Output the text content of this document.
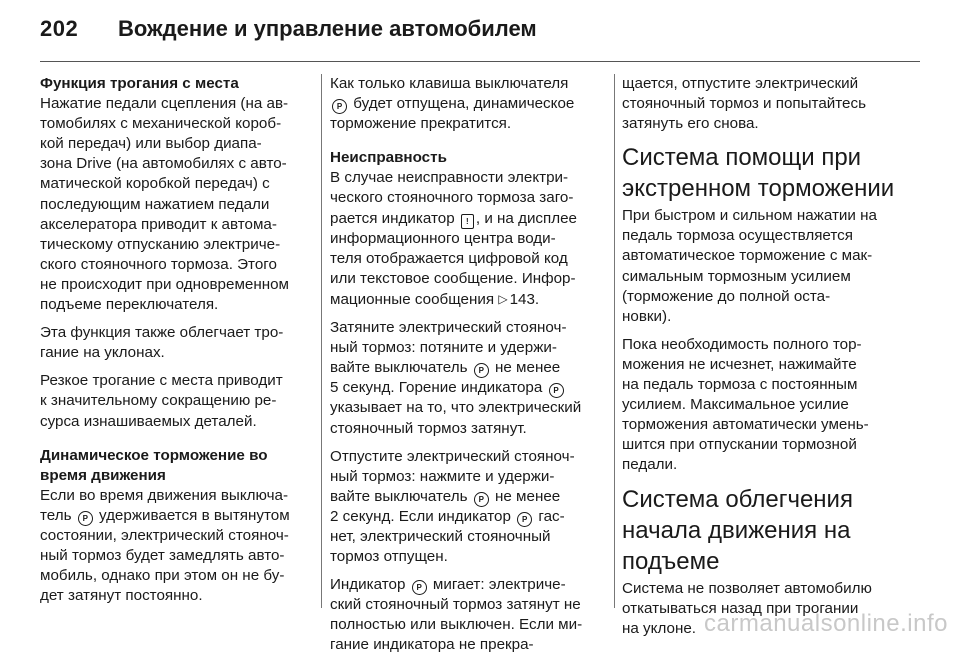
202 Вождение и управление автомобилем
Функция трогания с места
Нажатие педали сцепления (на ав-
томобилях с механической короб-
кой передач) или выбор диапа-
зона Drive (на автомобилях с авто-
матической коробкой передач) с
последующим нажатием педали
акселератора приводит к автома-
тическому отпусканию электриче-
ского стояночного тормоза. Этого
не происходит при одновременном
подъеме переключателя.
Эта функция также облегчает тро-
гание на уклонах.
Резкое трогание с места приводит
к значительному сокращению ре-
сурса изнашиваемых деталей.
Динамическое торможение во
время движения
Если во время движения выключа-
тель P удерживается в вытянутом
состоянии, электрический стояноч-
ный тормоз будет замедлять авто-
мобиль, однако при этом он не бу-
дет затянут постоянно.
Как только клавиша выключателя
P будет отпущена, динамическое
торможение прекратится.
Неисправность
В случае неисправности электри-
ческого стояночного тормоза заго-
рается индикатор ! , и на дисплее
информационного центра води-
теля отображается цифровой код
или текстовое сообщение. Инфор-
мационные сообщения ▷ 143.
Затяните электрический стояноч-
ный тормоз: потяните и удержи-
вайте выключатель P не менее
5 секунд. Горение индикатора P
указывает на то, что электрический
стояночный тормоз затянут.
Отпустите электрический стояноч-
ный тормоз: нажмите и удержи-
вайте выключатель P не менее
2 секунд. Если индикатор P гас-
нет, электрический стояночный
тормоз отпущен.
Индикатор P мигает: электриче-
ский стояночный тормоз затянут не
полностью или выключен. Если ми-
гание индикатора не прекра-
щается, отпустите электрический
стояночный тормоз и попытайтесь
затянуть его снова.
Система помощи при
экстренном торможении
При быстром и сильном нажатии на
педаль тормоза осуществляется
автоматическое торможение с мак-
симальным тормозным усилием
(торможение до полной оста-
новки).
Пока необходимость полного тор-
можения не исчезнет, нажимайте
на педаль тормоза с постоянным
усилием. Максимальное усилие
торможения автоматически умень-
шится при отпускании тормозной
педали.
Система облегчения
начала движения на
подъеме
Система не позволяет автомобилю
откатываться назад при трогании
на уклоне. carmanualsonline.info
